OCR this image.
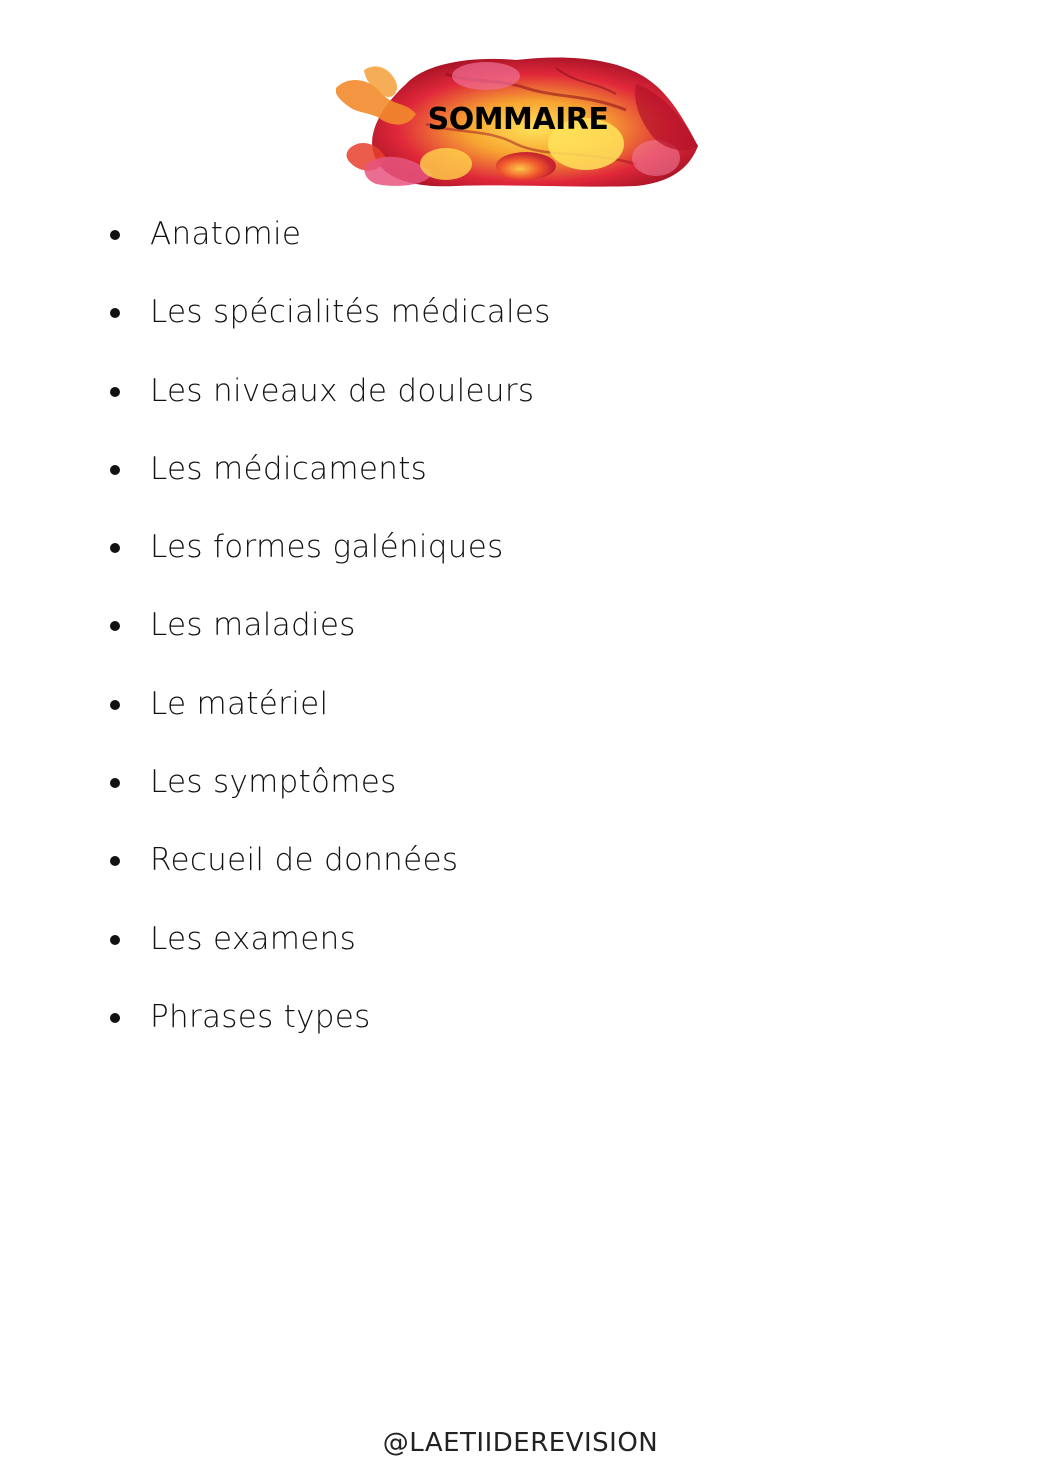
SOMMAIRE
Anatomie
Les spécialités médicales
Les niveaux de douleurs
Les médicaments
Les formes galéniques
Les maladies
Le matériel
Les symptômes
Recueil de données
Les examens
Phrases types
@LAETIIDEREVISION
